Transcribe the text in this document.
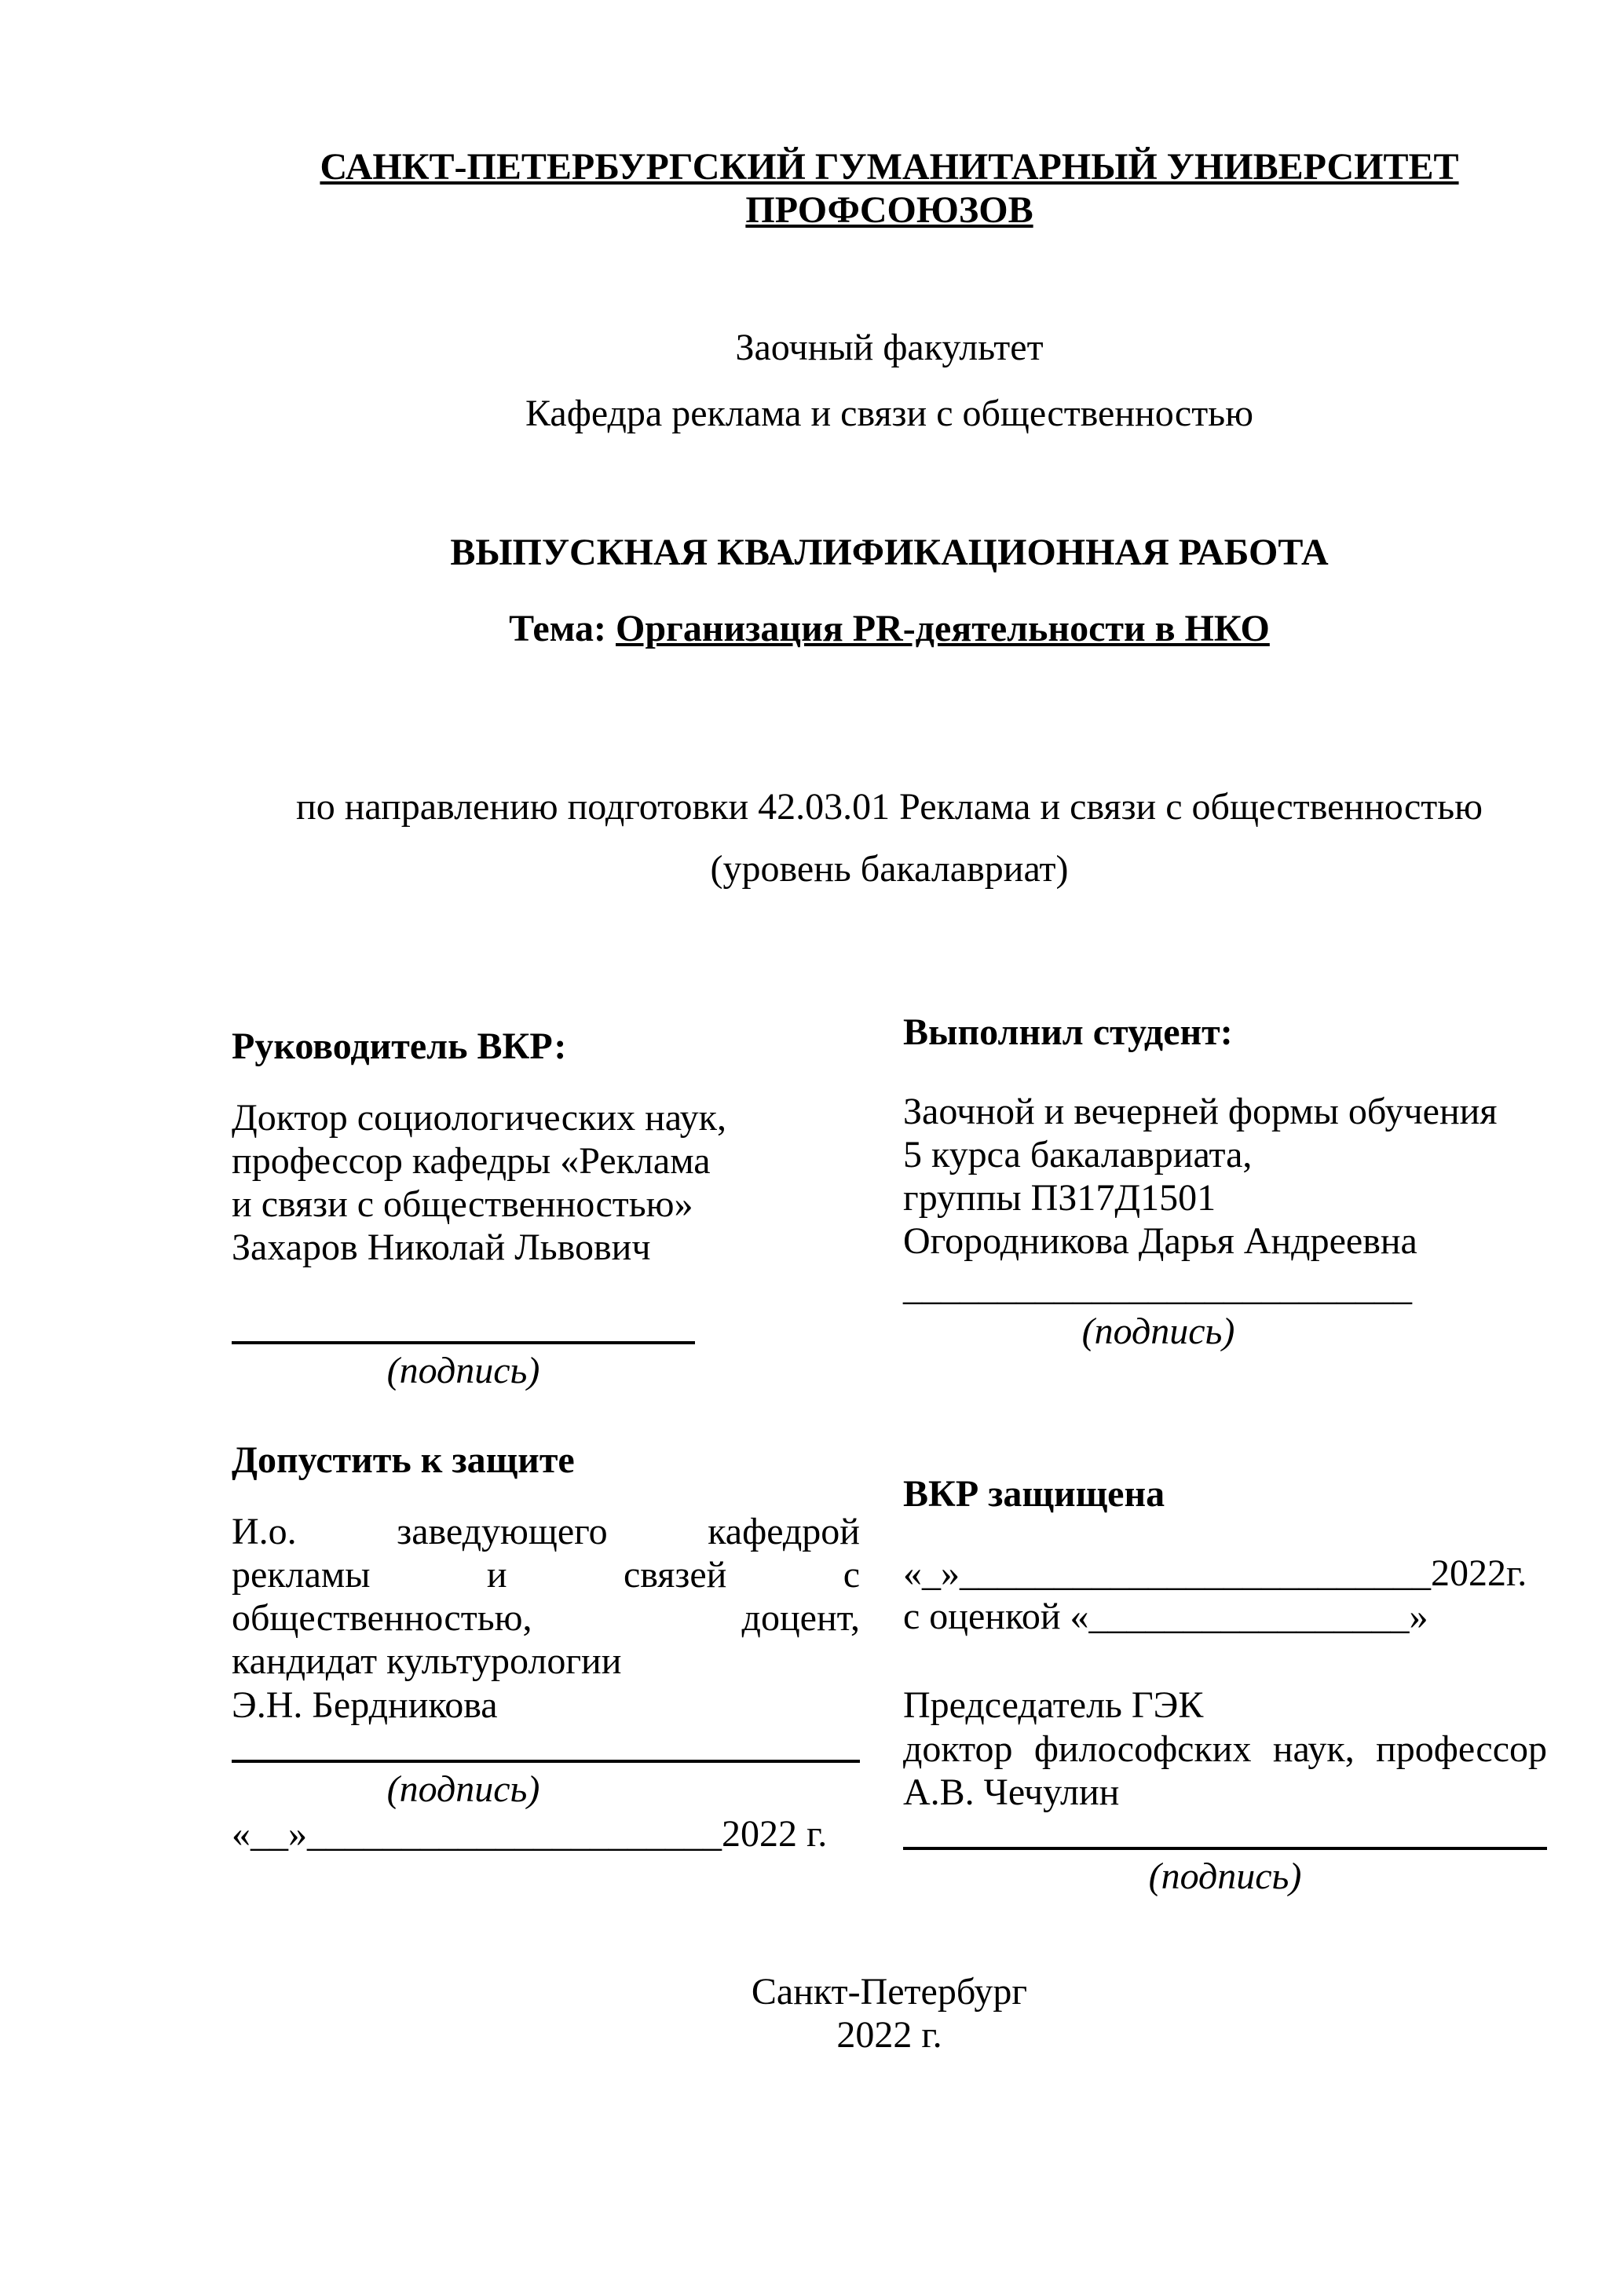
САНКТ-ПЕТЕРБУРГСКИЙ ГУМАНИТАРНЫЙ УНИВЕРСИТЕТ
ПРОФСОЮЗОВ
Заочный факультет
Кафедра реклама и связи с общественностью
ВЫПУСКНАЯ КВАЛИФИКАЦИОННАЯ РАБОТА
Тема: Организация PR-деятельности в НКО
по направлению подготовки 42.03.01 Реклама и связи с общественностью
(уровень бакалавриат)
Руководитель ВКР:
Доктор социологических наук,
профессор кафедры «Реклама
и связи с общественностью»
Захаров Николай Львович
(подпись)
Допустить к защите
И.о. заведующего кафедрой
рекламы и связей с
общественностью, доцент,
кандидат культурологии
Э.Н. Бердникова
(подпись)
«__»______________________2022 г.
Выполнил студент:
Заочной и вечерней формы обучения
5 курса бакалавриата,
группы ПЗ17Д1501
Огородникова Дарья Андреевна
___________________________
(подпись)
ВКР защищена
«_»_________________________2022г.
с оценкой «_________________»
Председатель ГЭК
доктор философских наук, профессор
А.В. Чечулин
(подпись)
Санкт-Петербург
2022 г.
